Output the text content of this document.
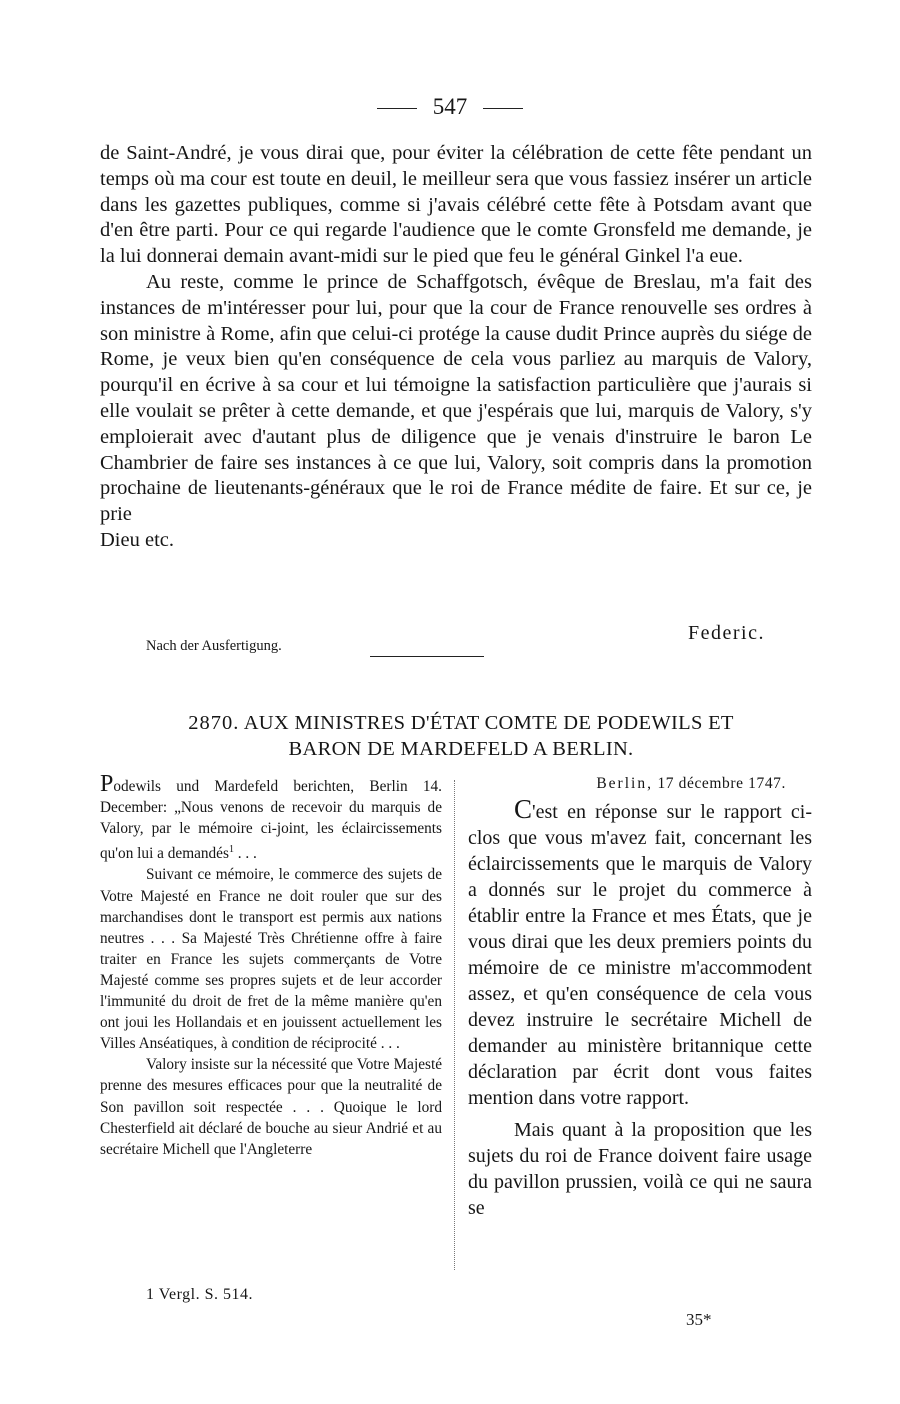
547

de Saint-André, je vous dirai que, pour éviter la célébration de cette fête pendant un temps où ma cour est toute en deuil, le meilleur sera que vous fassiez insérer un article dans les gazettes publiques, comme si j'avais célébré cette fête à Potsdam avant que d'en être parti. Pour ce qui regarde l'audience que le comte Gronsfeld me demande, je la lui donnerai demain avant-midi sur le pied que feu le général Ginkel l'a eue.

Au reste, comme le prince de Schaffgotsch, évêque de Breslau, m'a fait des instances de m'intéresser pour lui, pour que la cour de France renouvelle ses ordres à son ministre à Rome, afin que celui-ci protége la cause dudit Prince auprès du siége de Rome, je veux bien qu'en conséquence de cela vous parliez au marquis de Valory, pourqu'il en écrive à sa cour et lui témoigne la satisfaction particulière que j'aurais si elle voulait se prêter à cette demande, et que j'espérais que lui, marquis de Valory, s'y emploierait avec d'autant plus de diligence que je venais d'instruire le baron Le Chambrier de faire ses instances à ce que lui, Valory, soit compris dans la promotion prochaine de lieutenants-généraux que le roi de France médite de faire. Et sur ce, je prie

Dieu etc.

Federic.
Nach der Ausfertigung.
2870. AUX MINISTRES D'ÉTAT COMTE DE PODEWILS ET
BARON DE MARDEFELD A BERLIN.

Podewils und Mardefeld berichten, Berlin 14. December: „Nous venons de recevoir du marquis de Valory, par le mémoire ci-joint, les éclaircissements qu'on lui a demandés$^1$ . . .

Suivant ce mémoire, le commerce des sujets de Votre Majesté en France ne doit rouler que sur des marchandises dont le transport est permis aux nations neutres . . . Sa Majesté Très Chrétienne offre à faire traiter en France les sujets commerçants de Votre Majesté comme ses propres sujets et de leur accorder l'immunité du droit de fret de la même manière qu'en ont joui les Hollandais et en jouissent actuellement les Villes Anséatiques, à condition de réciprocité . . .

Valory insiste sur la nécessité que Votre Majesté prenne des mesures efficaces pour que la neutralité de Son pavillon soit respectée . . . Quoique le lord Chesterfield ait déclaré de bouche au sieur Andrié et au secrétaire Michell que l'Angleterre

Berlin, 17 décembre 1747.

C'est en réponse sur le rapport ci-clos que vous m'avez fait, concernant les éclaircissements que le marquis de Valory a donnés sur le projet du commerce à établir entre la France et mes États, que je vous dirai que les deux premiers points du mémoire de ce ministre m'accommodent assez, et qu'en conséquence de cela vous devez instruire le secrétaire Michell de demander au ministère britannique cette déclaration par écrit dont vous faites mention dans votre rapport.

Mais quant à la proposition que les sujets du roi de France doivent faire usage du pavillon prussien, voilà ce qui ne saura se

1 Vergl. S. 514.
35*
